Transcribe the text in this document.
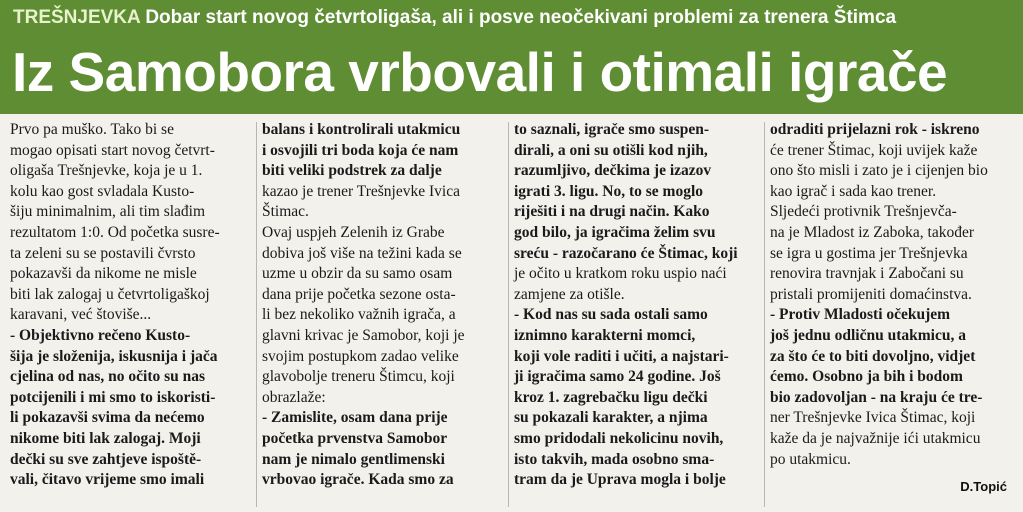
TREŠNJEVKA Dobar start novog četvrtoligaša, ali i posve neočekivani problemi za trenera Štimca
Iz Samobora vrbovali i otimali igrače
Prvo pa muško. Tako bi se
mogao opisati start novog četvrt-
oligaša Trešnjevke, koja je u 1.
kolu kao gost svladala Kusto-
šiju minimalnim, ali tim slađim
rezultatom 1:0. Od početka susre-
ta zeleni su se postavili čvrsto
pokazavši da nikome ne misle
biti lak zalogaj u četvrtoligaškoj
karavani, već štoviše...
- Objektivno rečeno Kusto-
šija je složenija, iskusnija i jača
cjelina od nas, no očito su nas
potcijenili i mi smo to iskoristi-
li pokazavši svima da nećemo
nikome biti lak zalogaj. Moji
dečki su sve zahtjeve ispoště-
vali, čitavo vrijeme smo imali
balans i kontrolirali utakmicu
i osvojili tri boda koja će nam
biti veliki podstrek za dalje
kazao je trener Trešnjevke Ivica
Štimac.
Ovaj uspjeh Zelenih iz Grabe
dobiva još više na težini kada se
uzme u obzir da su samo osam
dana prije početka sezone osta-
li bez nekoliko važnih igrača, a
glavni krivac je Samobor, koji je
svojim postupkom zadao velike
glavobolje treneru Štimcu, koji
obrazlaže:
- Zamislite, osam dana prije
početka prvenstva Samobor
nam je nimalo gentlimenski
vrbovao igrače. Kada smo za
to saznali, igrače smo suspen-
dirali, a oni su otišli kod njih,
razumljivo, dečkima je izazov
igrati 3. ligu. No, to se moglo
riješiti i na drugi način. Kako
god bilo, ja igračima želim svu
sreću - razočarano će Štimac, koji
je očito u kratkom roku uspio naći
zamjene za otišle.
- Kod nas su sada ostali samo
iznimno karakterni momci,
koji vole raditi i učiti, a najstari-
ji igračima samo 24 godine. Još
kroz 1. zagrebačku ligu dečki
su pokazali karakter, a njima
smo pridodali nekolicinu novih,
isto takvih, mada osobno sma-
tram da je Uprava mogla i bolje
odraditi prijelazni rok - iskreno
će trener Štimac, koji uvijek kaže
ono što misli i zato je i cijenjen bio
kao igrač i sada kao trener.
Sljedeći protivnik Trešnjevča-
na je Mladost iz Zaboka, također
se igra u gostima jer Trešnjevka
renovira travnjak i Zabočani su
pristali promijeniti domaćinstva.
- Protiv Mladosti očekujem
još jednu odličnu utakmicu, a
za što će to biti dovoljno, vidjet
ćemo. Osobno ja bih i bodom
bio zadovoljan - na kraju će tre-
ner Trešnjevke Ivica Štimac, koji
kaže da je najvažnije ići utakmicu
po utakmicu.
D.Topić
